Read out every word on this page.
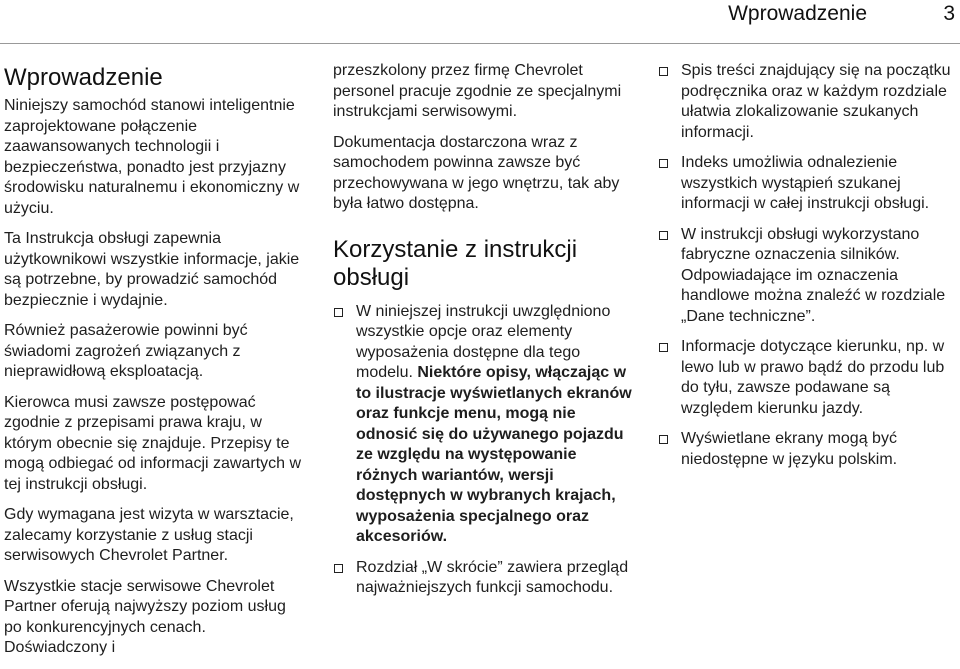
Wprowadzenie	3
Wprowadzenie

Niniejszy samochód stanowi inteligentnie zaprojektowane połączenie zaawansowanych technologii i bezpieczeństwa, ponadto jest przyjazny środowisku naturalnemu i ekonomiczny w użyciu.

Ta Instrukcja obsługi zapewnia użytkownikowi wszystkie informacje, jakie są potrzebne, by prowadzić samochód bezpiecznie i wydajnie.

Również pasażerowie powinni być świadomi zagrożeń związanych z nieprawidłową eksploatacją.

Kierowca musi zawsze postępować zgodnie z przepisami prawa kraju, w którym obecnie się znajduje. Przepisy te mogą odbiegać od informacji zawartych w tej instrukcji obsługi.

Gdy wymagana jest wizyta w warsztacie, zalecamy korzystanie z usług stacji serwisowych Chevrolet Partner.

Wszystkie stacje serwisowe Chevrolet Partner oferują najwyższy poziom usług po konkurencyjnych cenach. Doświadczony i

przeszkolony przez firmę Chevrolet personel pracuje zgodnie ze specjalnymi instrukcjami serwisowymi.

Dokumentacja dostarczona wraz z samochodem powinna zawsze być przechowywana w jego wnętrzu, tak aby była łatwo dostępna.

Korzystanie z instrukcji obsługi
W niniejszej instrukcji uwzględniono wszystkie opcje oraz elementy wyposażenia dostępne dla tego modelu. Niektóre opisy, włączając w to ilustracje wyświetlanych ekranów oraz funkcje menu, mogą nie odnosić się do używanego pojazdu ze względu na występowanie różnych wariantów, wersji dostępnych w wybranych krajach, wyposażenia specjalnego oraz akcesoriów.
Rozdział „W skrócie” zawiera przegląd najważniejszych funkcji samochodu.
Spis treści znajdujący się na początku podręcznika oraz w każdym rozdziale ułatwia zlokalizowanie szukanych informacji.
Indeks umożliwia odnalezienie wszystkich wystąpień szukanej informacji w całej instrukcji obsługi.
W instrukcji obsługi wykorzystano fabryczne oznaczenia silników. Odpowiadające im oznaczenia handlowe można znaleźć w rozdziale „Dane techniczne”.
Informacje dotyczące kierunku, np. w lewo lub w prawo bądź do przodu lub do tyłu, zawsze podawane są względem kierunku jazdy.
Wyświetlane ekrany mogą być niedostępne w języku polskim.
